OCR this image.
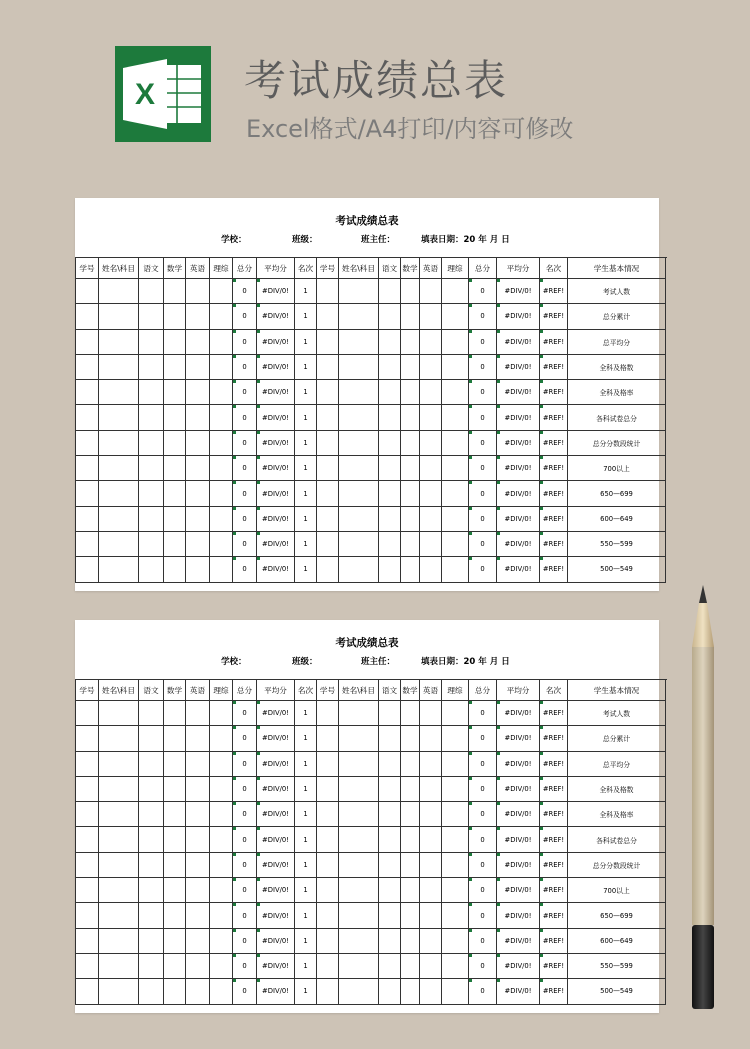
X 考试成绩总表
Excel格式/A4打印/内容可修改
考试成绩总表
学校：	班级：	班主任：	填表日期：20 年 月 日
学号	姓名\科目	语文	数学	英语	理综	总分	平均分	名次	学号	姓名\科目	语文	数学	英语	理综	总分	平均分	名次	学生基本情况	
						0	#DIV/0!	1							0	#DIV/0!	#REF!	考试人数		
						0	#DIV/0!	1							0	#DIV/0!	#REF!	总分累计		
						0	#DIV/0!	1							0	#DIV/0!	#REF!	总平均分		
						0	#DIV/0!	1							0	#DIV/0!	#REF!	全科及格数		
						0	#DIV/0!	1							0	#DIV/0!	#REF!	全科及格率		
						0	#DIV/0!	1							0	#DIV/0!	#REF!	各科试卷总分		
						0	#DIV/0!	1							0	#DIV/0!	#REF!	总分分数段统计	
						0	#DIV/0!	1							0	#DIV/0!	#REF!	700以上		
						0	#DIV/0!	1							0	#DIV/0!	#REF!	650—699		
						0	#DIV/0!	1							0	#DIV/0!	#REF!	600—649		
						0	#DIV/0!	1							0	#DIV/0!	#REF!	550—599		
						0	#DIV/0!	1							0	#DIV/0!	#REF!	500—549		
考试成绩总表
学校：	班级：	班主任：	填表日期：20 年 月 日
学号	姓名\科目	语文	数学	英语	理综	总分	平均分	名次	学号	姓名\科目	语文	数学	英语	理综	总分	平均分	名次	学生基本情况	
						0	#DIV/0!	1							0	#DIV/0!	#REF!	考试人数		
						0	#DIV/0!	1							0	#DIV/0!	#REF!	总分累计		
						0	#DIV/0!	1							0	#DIV/0!	#REF!	总平均分		
						0	#DIV/0!	1							0	#DIV/0!	#REF!	全科及格数		
						0	#DIV/0!	1							0	#DIV/0!	#REF!	全科及格率		
						0	#DIV/0!	1							0	#DIV/0!	#REF!	各科试卷总分		
						0	#DIV/0!	1							0	#DIV/0!	#REF!	总分分数段统计	
						0	#DIV/0!	1							0	#DIV/0!	#REF!	700以上		
						0	#DIV/0!	1							0	#DIV/0!	#REF!	650—699		
						0	#DIV/0!	1							0	#DIV/0!	#REF!	600—649		
						0	#DIV/0!	1							0	#DIV/0!	#REF!	550—599		
						0	#DIV/0!	1							0	#DIV/0!	#REF!	500—549		
